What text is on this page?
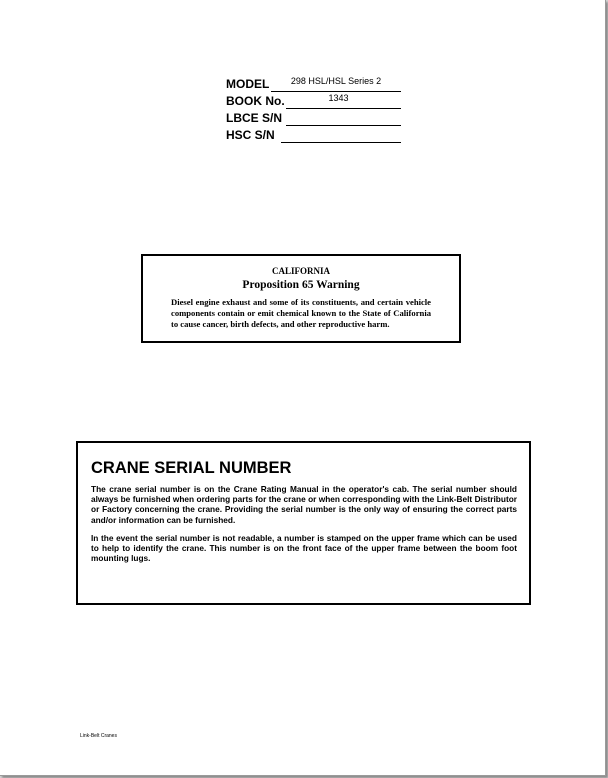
MODEL	298 HSL/HSL Series 2
BOOK No.	1343
LBCE S/N
HSC S/N
CALIFORNIA
Proposition 65 Warning
Diesel engine exhaust and some of its constituents, and certain vehicle components contain or emit chemical known to the State of California to cause cancer, birth defects, and other reproductive harm.
CRANE SERIAL NUMBER

The crane serial number is on the Crane Rating Manual in the operator's cab. The serial number should always be furnished when ordering parts for the crane or when corresponding with the Link-Belt Distributor or Factory concerning the crane. Providing the serial number is the only way of ensuring the correct parts and/or information can be furnished.

In the event the serial number is not readable, a number is stamped on the upper frame which can be used to help to identify the crane. This number is on the front face of the upper frame between the boom foot mounting lugs.

Link-Belt Cranes
